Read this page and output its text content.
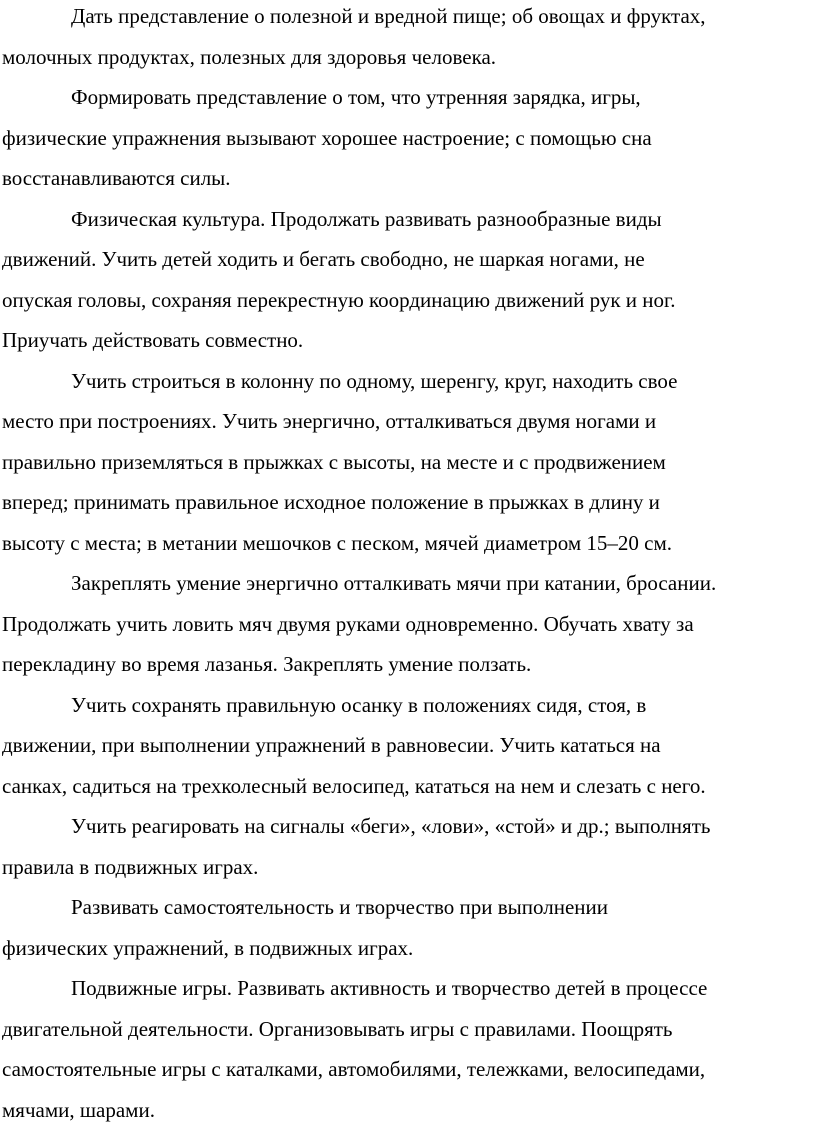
Дать представление о полезной и вредной пище; об овощах и фруктах,
молочных продуктах, полезных для здоровья человека.

Формировать представление о том, что утренняя зарядка, игры,
физические упражнения вызывают хорошее настроение; с помощью сна
восстанавливаются силы.

Физическая культура. Продолжать развивать разнообразные виды
движений. Учить детей ходить и бегать свободно, не шаркая ногами, не
опуская головы, сохраняя перекрестную координацию движений рук и ног.
Приучать действовать совместно.

Учить строиться в колонну по одному, шеренгу, круг, находить свое
место при построениях. Учить энергично, отталкиваться двумя ногами и
правильно приземляться в прыжках с высоты, на месте и с продвижением
вперед; принимать правильное исходное положение в прыжках в длину и
высоту с места; в метании мешочков с песком, мячей диаметром 15–20 см.

Закреплять умение энергично отталкивать мячи при катании, бросании.
Продолжать учить ловить мяч двумя руками одновременно. Обучать хвату за
перекладину во время лазанья. Закреплять умение ползать.

Учить сохранять правильную осанку в положениях сидя, стоя, в
движении, при выполнении упражнений в равновесии. Учить кататься на
санках, садиться на трехколесный велосипед, кататься на нем и слезать с него.

Учить реагировать на сигналы «беги», «лови», «стой» и др.; выполнять
правила в подвижных играх.

Развивать самостоятельность и творчество при выполнении
физических упражнений, в подвижных играх.

Подвижные игры. Развивать активность и творчество детей в процессе
двигательной деятельности. Организовывать игры с правилами. Поощрять
самостоятельные игры с каталками, автомобилями, тележками, велосипедами,
мячами, шарами.
